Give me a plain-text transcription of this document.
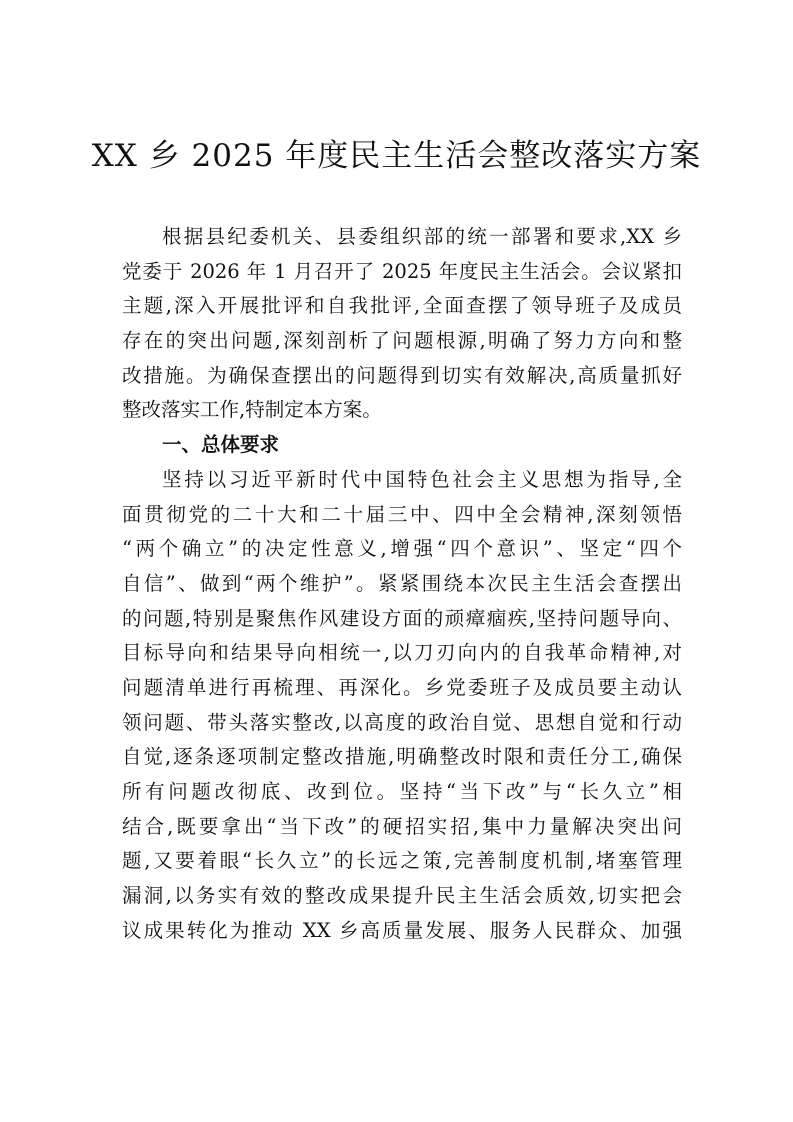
XX 乡 2025 年度民主生活会整改落实方案
根据县纪委机关、县委组织部的统一部署和要求,XX 乡
党委于 2026 年 1 月召开了 2025 年度民主生活会。会议紧扣
主题,深入开展批评和自我批评,全面查摆了领导班子及成员
存在的突出问题,深刻剖析了问题根源,明确了努力方向和整
改措施。为确保查摆出的问题得到切实有效解决,高质量抓好
整改落实工作,特制定本方案。
一、总体要求
坚持以习近平新时代中国特色社会主义思想为指导,全
面贯彻党的二十大和二十届三中、四中全会精神,深刻领悟
“两个确立”的决定性意义,增强“四个意识”、坚定“四个
自信”、做到“两个维护”。紧紧围绕本次民主生活会查摆出
的问题,特别是聚焦作风建设方面的顽瘴痼疾,坚持问题导向、
目标导向和结果导向相统一,以刀刃向内的自我革命精神,对
问题清单进行再梳理、再深化。乡党委班子及成员要主动认
领问题、带头落实整改,以高度的政治自觉、思想自觉和行动
自觉,逐条逐项制定整改措施,明确整改时限和责任分工,确保
所有问题改彻底、改到位。坚持“当下改”与“长久立”相
结合,既要拿出“当下改”的硬招实招,集中力量解决突出问
题,又要着眼“长久立”的长远之策,完善制度机制,堵塞管理
漏洞,以务实有效的整改成果提升民主生活会质效,切实把会
议成果转化为推动 XX 乡高质量发展、服务人民群众、加强
